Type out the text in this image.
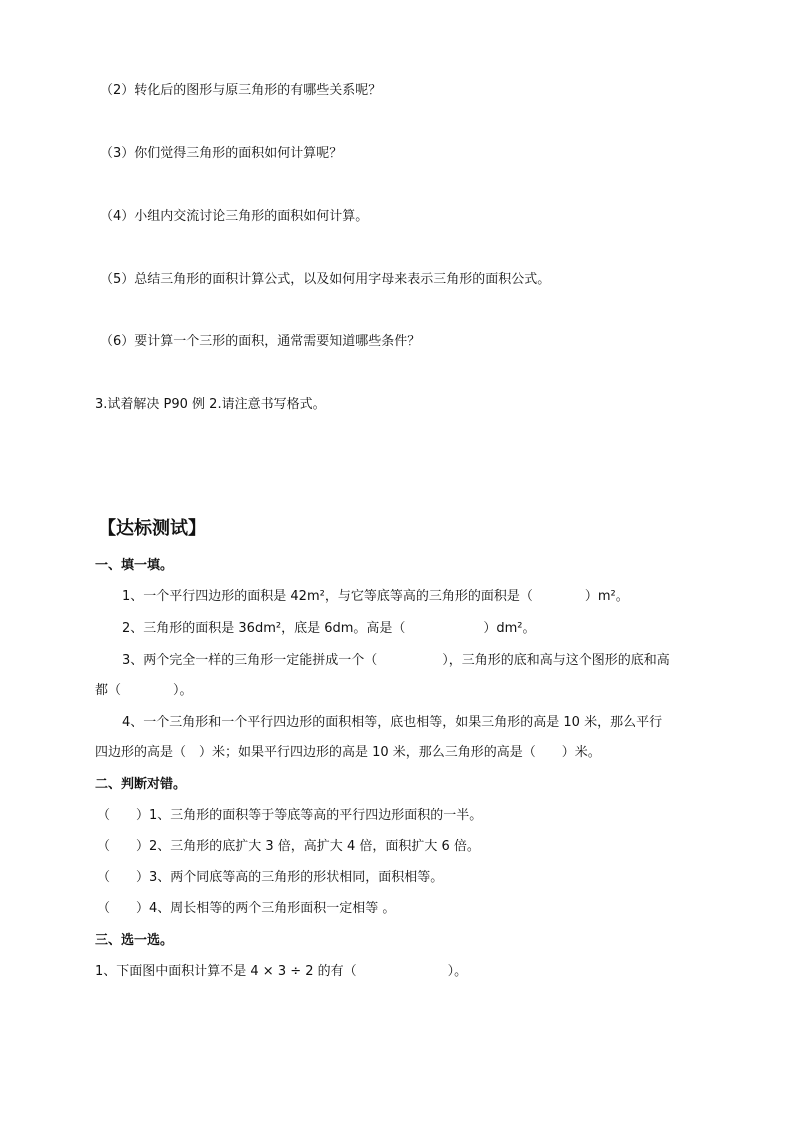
（2）转化后的图形与原三角形的有哪些关系呢？
（3）你们觉得三角形的面积如何计算呢？
（4）小组内交流讨论三角形的面积如何计算。
（5）总结三角形的面积计算公式，以及如何用字母来表示三角形的面积公式。
（6）要计算一个三形的面积，通常需要知道哪些条件？
3.试着解决 P90 例 2.请注意书写格式。
【达标测试】
一、填一填。
1、一个平行四边形的面积是 42m²，与它等底等高的三角形的面积是（　　　　）m²。
2、三角形的面积是 36dm²，底是 6dm。高是（　　　　　　）dm²。
3、两个完全一样的三角形一定能拼成一个（　　　　　），三角形的底和高与这个图形的底和高
都（　　　　）。
4、一个三角形和一个平行四边形的面积相等，底也相等，如果三角形的高是 10 米，那么平行
四边形的高是（　）米；如果平行四边形的高是 10 米，那么三角形的高是（　　）米。
二、判断对错。
（　　）1、三角形的面积等于等底等高的平行四边形面积的一半。
（　　）2、三角形的底扩大 3 倍，高扩大 4 倍，面积扩大 6 倍。
（　　）3、两个同底等高的三角形的形状相同，面积相等。
（　　）4、周长相等的两个三角形面积一定相等 。
三、选一选。
1、下面图中面积计算不是 4 × 3 ÷ 2 的有（　　　　　　　）。
